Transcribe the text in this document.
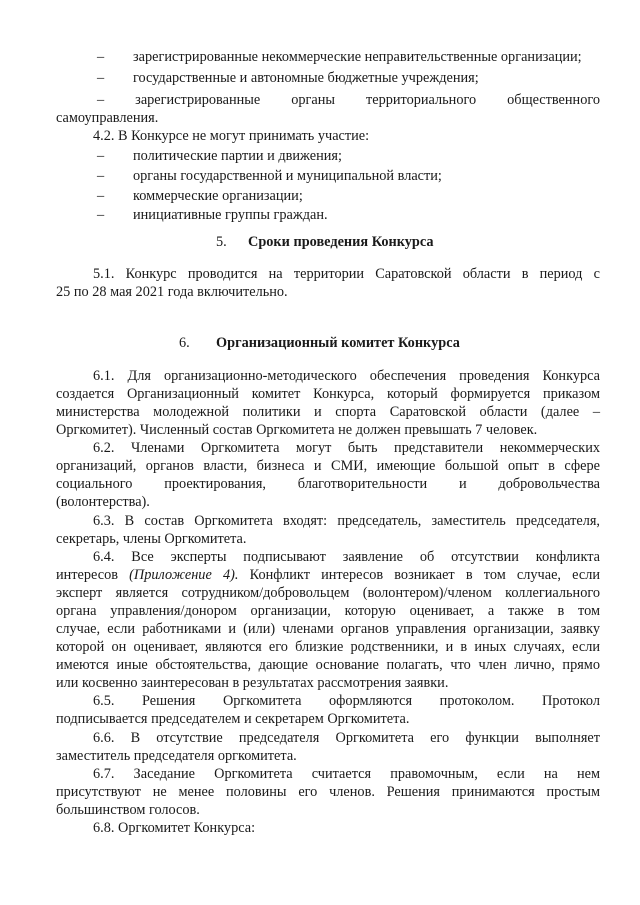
– зарегистрированные некоммерческие неправительственные организации;
– государственные и автономные бюджетные учреждения;
– зарегистрированные органы территориального общественного
самоуправления.
4.2. В Конкурсе не могут принимать участие:
– политические партии и движения;
– органы государственной и муниципальной власти;
– коммерческие организации;
– инициативные группы граждан.
5. Сроки проведения Конкурса
5.1. Конкурс проводится на территории Саратовской области в период с
25 по 28 мая 2021 года включительно.
6. Организационный комитет Конкурса
6.1. Для организационно-методического обеспечения проведения Конкурса
создается Организационный комитет Конкурса, который формируется приказом
министерства молодежной политики и спорта Саратовской области (далее –
Оргкомитет). Численный состав Оргкомитета не должен превышать 7 человек.
6.2. Членами Оргкомитета могут быть представители некоммерческих
организаций, органов власти, бизнеса и СМИ, имеющие большой опыт в сфере
социального проектирования, благотворительности и добровольчества
(волонтерства).
6.3. В состав Оргкомитета входят: председатель, заместитель председателя,
секретарь, члены Оргкомитета.
6.4. Все эксперты подписывают заявление об отсутствии конфликта
интересов (Приложение 4). Конфликт интересов возникает в том случае, если
эксперт является сотрудником/добровольцем (волонтером)/членом коллегиального
органа управления/донором организации, которую оценивает, а также в том
случае, если работниками и (или) членами органов управления организации, заявку
которой он оценивает, являются его близкие родственники, и в иных случаях, если
имеются иные обстоятельства, дающие основание полагать, что член лично, прямо
или косвенно заинтересован в результатах рассмотрения заявки.
6.5. Решения Оргкомитета оформляются протоколом. Протокол
подписывается председателем и секретарем Оргкомитета.
6.6. В отсутствие председателя Оргкомитета его функции выполняет
заместитель председателя оргкомитета.
6.7. Заседание Оргкомитета считается правомочным, если на нем
присутствуют не менее половины его членов. Решения принимаются простым
большинством голосов.
6.8. Оргкомитет Конкурса:
